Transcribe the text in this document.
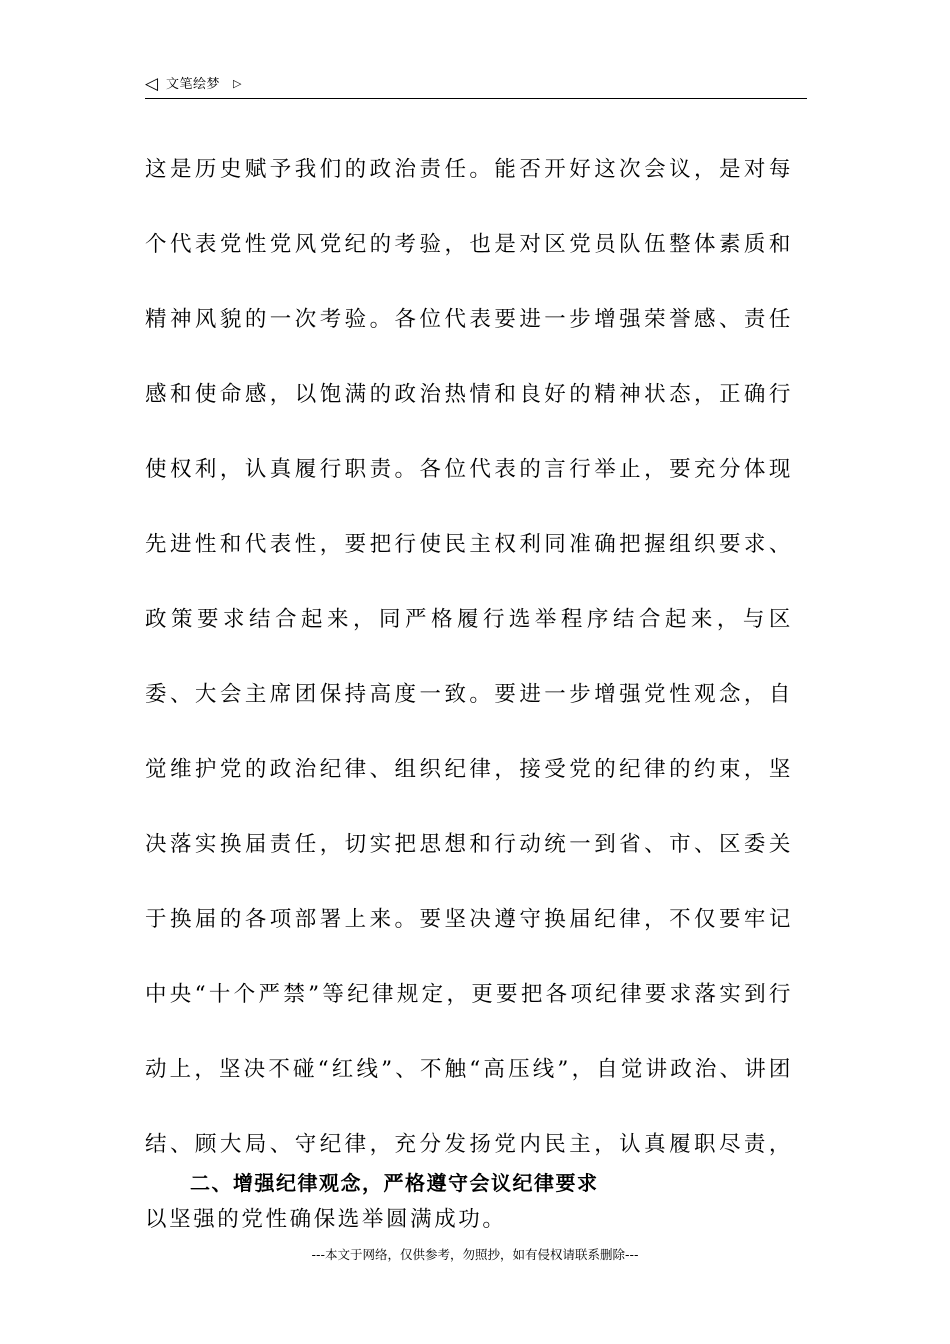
◁ 文笔绘梦 ▷

这是历史赋予我们的政治责任。能否开好这次会议，是对每个代表党性党风党纪的考验，也是对区党员队伍整体素质和精神风貌的一次考验。各位代表要进一步增强荣誉感、责任感和使命感，以饱满的政治热情和良好的精神状态，正确行使权利，认真履行职责。各位代表的言行举止，要充分体现先进性和代表性，要把行使民主权利同准确把握组织要求、政策要求结合起来，同严格履行选举程序结合起来，与区委、大会主席团保持高度一致。要进一步增强党性观念，自觉维护党的政治纪律、组织纪律，接受党的纪律的约束，坚决落实换届责任，切实把思想和行动统一到省、市、区委关于换届的各项部署上来。要坚决遵守换届纪律，不仅要牢记中央“十个严禁”等纪律规定，更要把各项纪律要求落实到行动上，坚决不碰“红线”、不触“高压线”，自觉讲政治、讲团结、顾大局、守纪律，充分发扬党内民主，认真履职尽责，以坚强的党性确保选举圆满成功。

二、增强纪律观念，严格遵守会议纪律要求
---本文于网络，仅供参考，勿照抄，如有侵权请联系删除---
